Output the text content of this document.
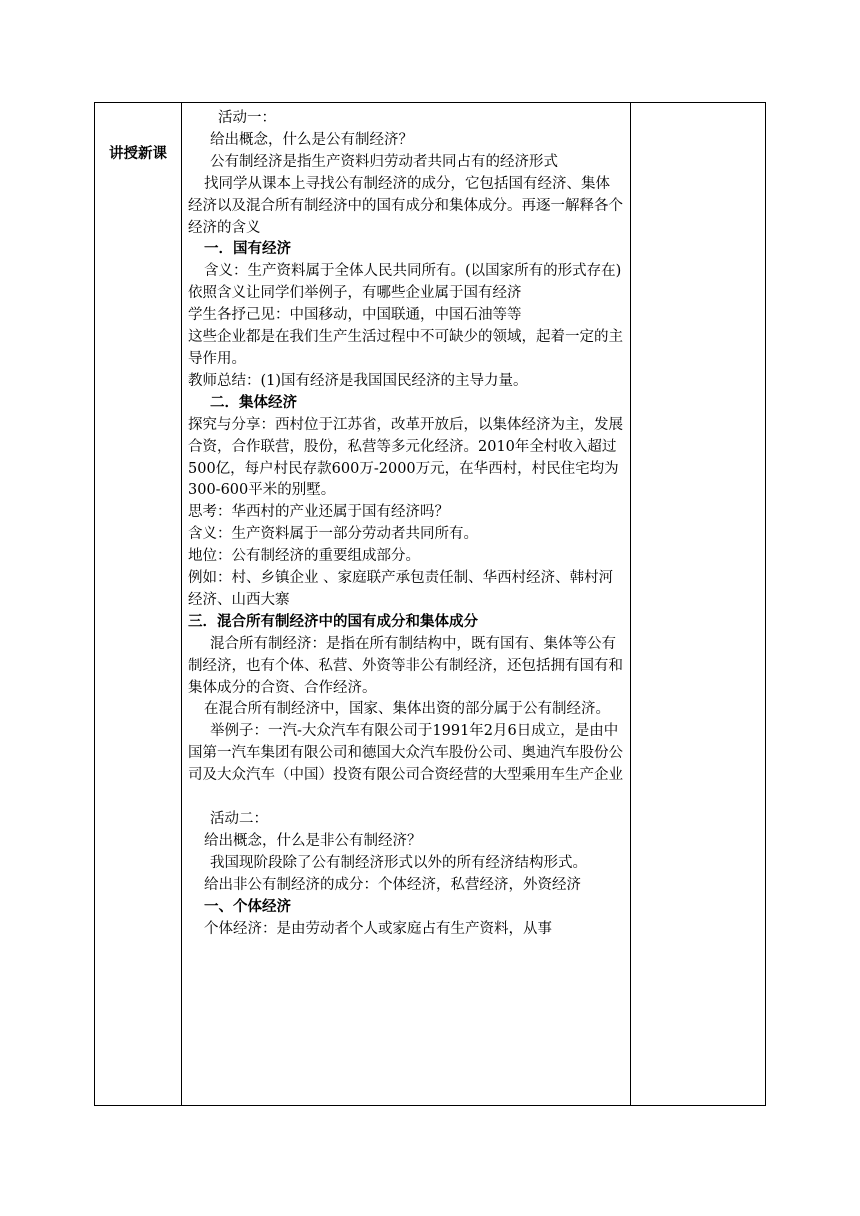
讲授新课

活动一：

给出概念，什么是公有制经济？

公有制经济是指生产资料归劳动者共同占有的经济形式

找同学从课本上寻找公有制经济的成分，它包括国有经济、集体经济以及混合所有制经济中的国有成分和集体成分。再逐一解释各个经济的含义

一．国有经济

含义：生产资料属于全体人民共同所有。(以国家所有的形式存在)

依照含义让同学们举例子，有哪些企业属于国有经济

学生各抒己见：中国移动，中国联通，中国石油等等

这些企业都是在我们生产生活过程中不可缺少的领域，起着一定的主导作用。

教师总结：(1)国有经济是我国国民经济的主导力量。

二．集体经济

探究与分享：西村位于江苏省，改革开放后，以集体经济为主，发展合资，合作联营，股份，私营等多元化经济。2010年全村收入超过500亿，每户村民存款600万-2000万元，在华西村，村民住宅均为300-600平米的别墅。

思考：华西村的产业还属于国有经济吗？

含义：生产资料属于一部分劳动者共同所有。

地位：公有制经济的重要组成部分。

例如：村、乡镇企业 、家庭联产承包责任制、华西村经济、韩村河经济、山西大寨

三．混合所有制经济中的国有成分和集体成分

混合所有制经济：是指在所有制结构中，既有国有、集体等公有制经济，也有个体、私营、外资等非公有制经济，还包括拥有国有和集体成分的合资、合作经济。

在混合所有制经济中，国家、集体出资的部分属于公有制经济。

举例子：一汽-大众汽车有限公司于1991年2月6日成立，是由中国第一汽车集团有限公司和德国大众汽车股份公司、奥迪汽车股份公司及大众汽车（中国）投资有限公司合资经营的大型乘用车生产企业

活动二：

给出概念，什么是非公有制经济？

我国现阶段除了公有制经济形式以外的所有经济结构形式。

给出非公有制经济的成分：个体经济，私营经济，外资经济

一、个体经济

个体经济：是由劳动者个人或家庭占有生产资料，从事
